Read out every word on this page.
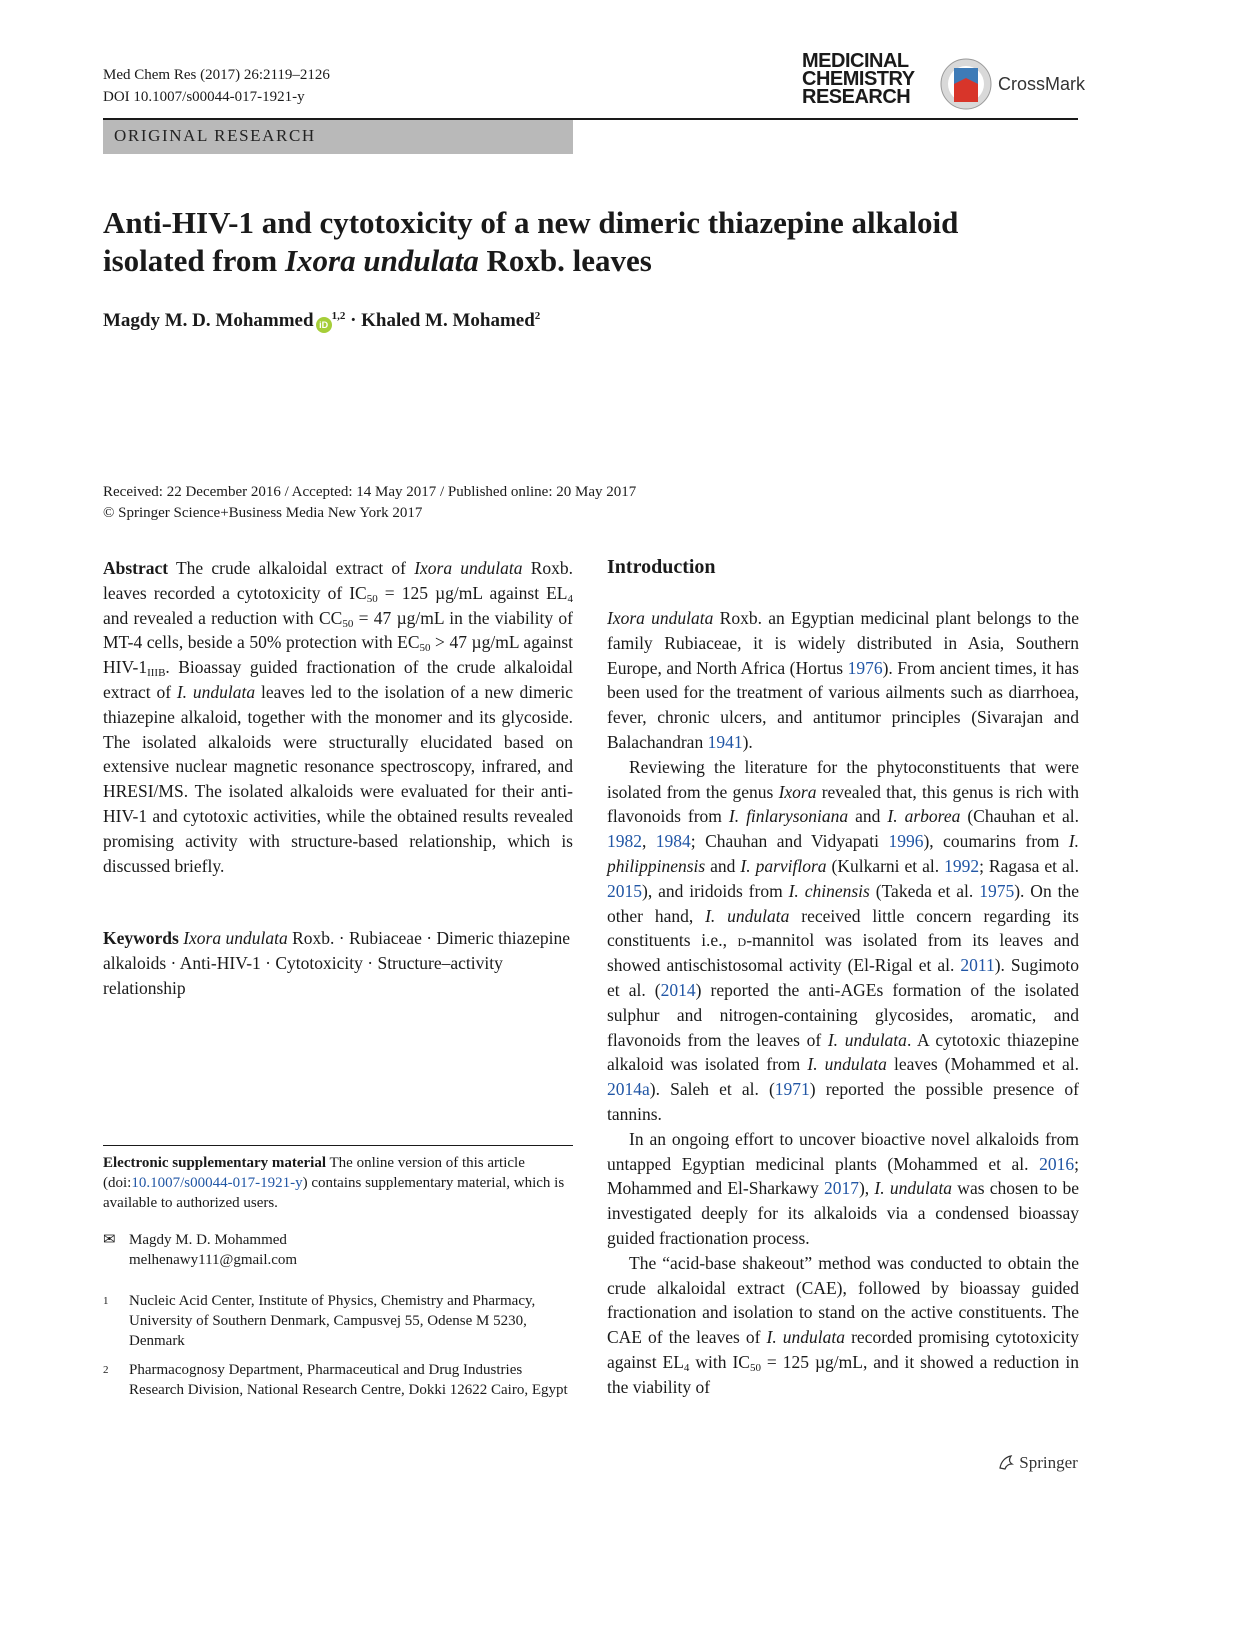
Med Chem Res (2017) 26:2119–2126
DOI 10.1007/s00044-017-1921-y
MEDICINAL
CHEMISTRY
RESEARCH
CrossMark
ORIGINAL RESEARCH
Anti-HIV-1 and cytotoxicity of a new dimeric thiazepine alkaloid isolated from Ixora undulata Roxb. leaves
Magdy M. D. Mohammed iD$^{1,2}$ · Khaled M. Mohamed$^2$
Received: 22 December 2016 / Accepted: 14 May 2017 / Published online: 20 May 2017
© Springer Science+Business Media New York 2017

Abstract The crude alkaloidal extract of Ixora undulata Roxb. leaves recorded a cytotoxicity of $IC_{50} = 125$ µg/mL against $EL_4$ and revealed a reduction with $CC_{50} = 47$ µg/mL in the viability of MT-4 cells, beside a 50% protection with $EC_{50} > 47$ µg/mL against HIV-$1_{IIIB}$. Bioassay guided fractionation of the crude alkaloidal extract of I. undulata leaves led to the isolation of a new dimeric thiazepine alkaloid, together with the monomer and its glycoside. The isolated alkaloids were structurally elucidated based on extensive nuclear magnetic resonance spectroscopy, infrared, and HRESI/MS. The isolated alkaloids were evaluated for their anti-HIV-1 and cytotoxic activities, while the obtained results revealed promising activity with structure-based relationship, which is discussed briefly.

Keywords Ixora undulata Roxb. · Rubiaceae · Dimeric thiazepine alkaloids · Anti-HIV-1 · Cytotoxicity · Structure–activity relationship

Electronic supplementary material The online version of this article (doi:10.1007/s00044-017-1921-y) contains supplementary material, which is available to authorized users.
✉ Magdy M. D. Mohammed
melhenawy111@gmail.com
1 Nucleic Acid Center, Institute of Physics, Chemistry and Pharmacy, University of Southern Denmark, Campusvej 55, Odense M 5230, Denmark
2 Pharmacognosy Department, Pharmaceutical and Drug Industries Research Division, National Research Centre, Dokki 12622 Cairo, Egypt
Introduction

Ixora undulata Roxb. an Egyptian medicinal plant belongs to the family Rubiaceae, it is widely distributed in Asia, Southern Europe, and North Africa (Hortus 1976). From ancient times, it has been used for the treatment of various ailments such as diarrhoea, fever, chronic ulcers, and antitumor principles (Sivarajan and Balachandran 1941).

Reviewing the literature for the phytoconstituents that were isolated from the genus Ixora revealed that, this genus is rich with flavonoids from I. finlarysoniana and I. arborea (Chauhan et al. 1982, 1984; Chauhan and Vidyapati 1996), coumarins from I. philippinensis and I. parviflora (Kulkarni et al. 1992; Ragasa et al. 2015), and iridoids from I. chinensis (Takeda et al. 1975). On the other hand, I. undulata received little concern regarding its constituents i.e., d-mannitol was isolated from its leaves and showed antischistosomal activity (El-Rigal et al. 2011). Sugimoto et al. (2014) reported the anti-AGEs formation of the isolated sulphur and nitrogen-containing glycosides, aromatic, and flavonoids from the leaves of I. undulata. A cytotoxic thiazepine alkaloid was isolated from I. undulata leaves (Mohammed et al. 2014a). Saleh et al. (1971) reported the possible presence of tannins.

In an ongoing effort to uncover bioactive novel alkaloids from untapped Egyptian medicinal plants (Mohammed et al. 2016; Mohammed and El-Sharkawy 2017), I. undulata was chosen to be investigated deeply for its alkaloids via a condensed bioassay guided fractionation process.

The “acid-base shakeout” method was conducted to obtain the crude alkaloidal extract (CAE), followed by bioassay guided fractionation and isolation to stand on the active constituents. The CAE of the leaves of I. undulata recorded promising cytotoxicity against $EL_4$ with $IC_{50} = 125$ µg/mL, and it showed a reduction in the viability of

Springer
